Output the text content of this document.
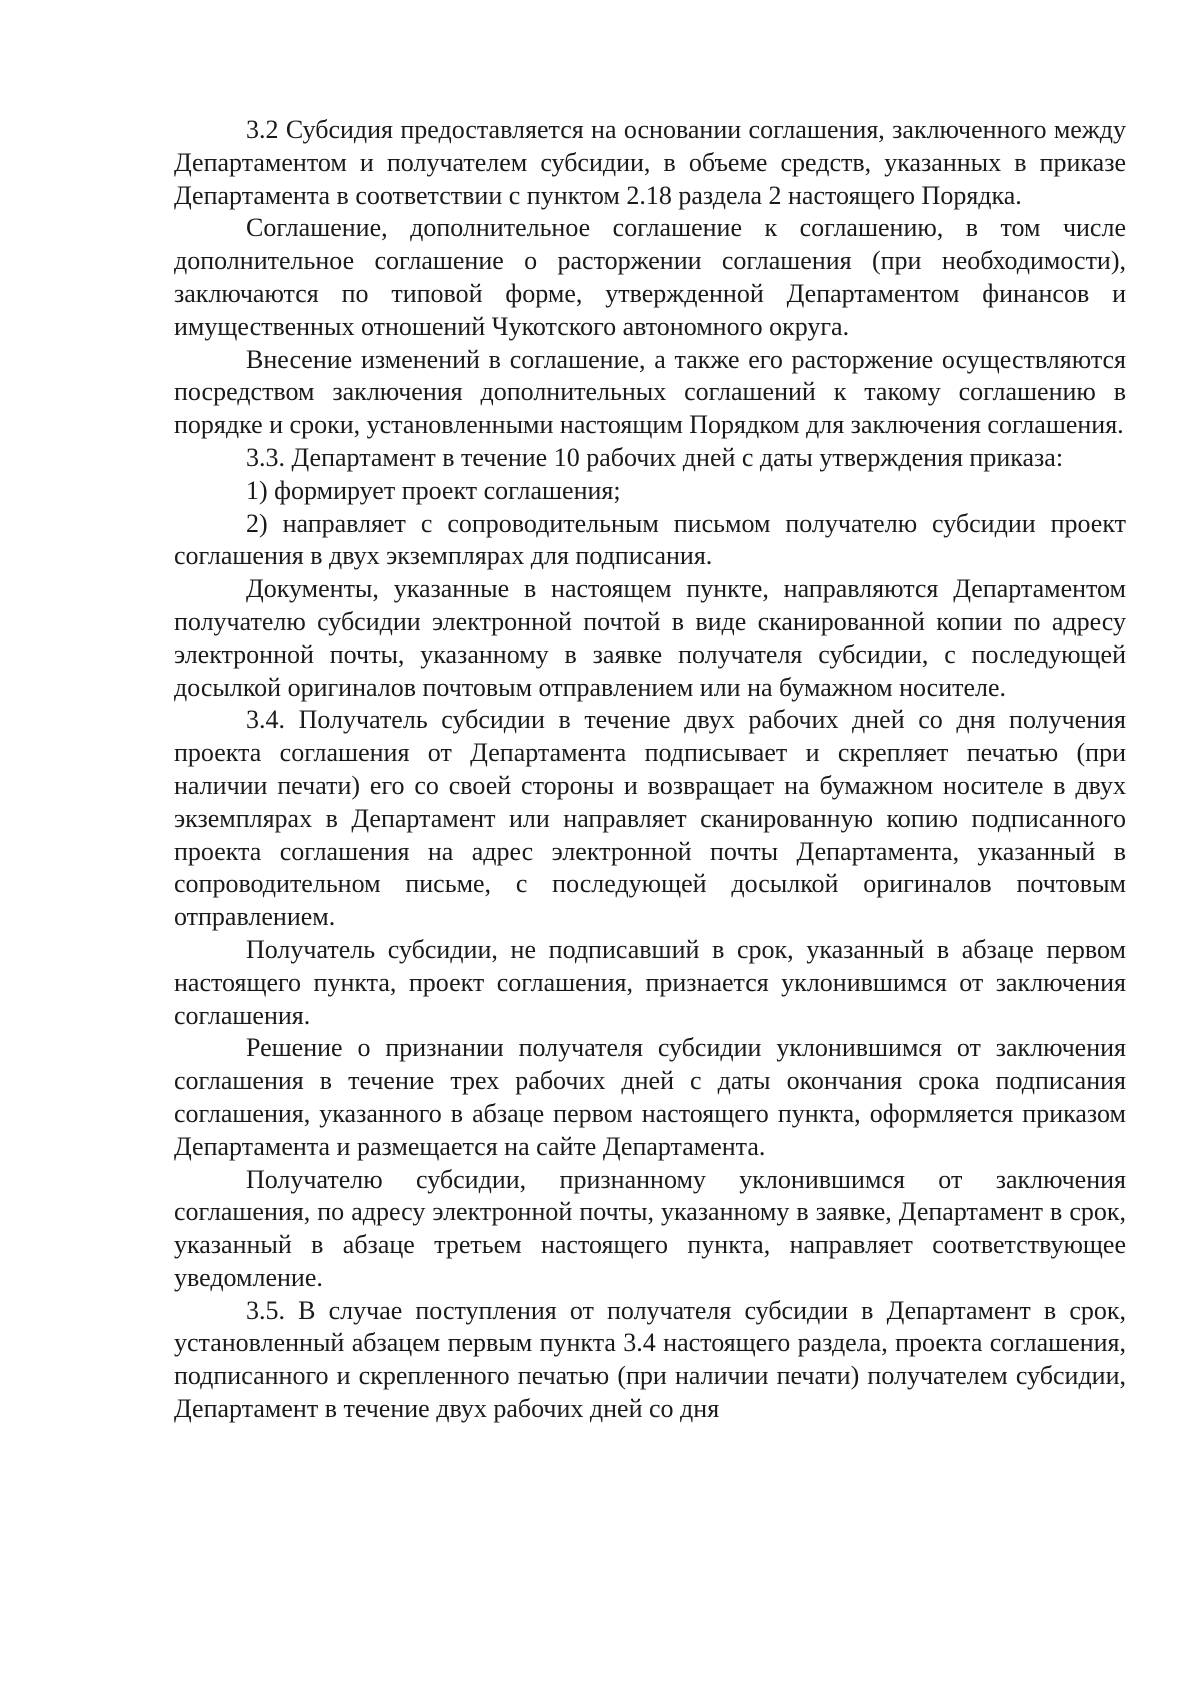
3.2 Субсидия предоставляется на основании соглашения, заключенного между Департаментом и получателем субсидии, в объеме средств, указанных в приказе Департамента в соответствии с пунктом 2.18 раздела 2 настоящего Порядка.

Соглашение, дополнительное соглашение к соглашению, в том числе дополнительное соглашение о расторжении соглашения (при необходимости), заключаются по типовой форме, утвержденной Департаментом финансов и имущественных отношений Чукотского автономного округа.

Внесение изменений в соглашение, а также его расторжение осуществляются посредством заключения дополнительных соглашений к такому соглашению в порядке и сроки, установленными настоящим Порядком для заключения соглашения.

3.3. Департамент в течение 10 рабочих дней с даты утверждения приказа:

1) формирует проект соглашения;

2) направляет с сопроводительным письмом получателю субсидии проект соглашения в двух экземплярах для подписания.

Документы, указанные в настоящем пункте, направляются Департаментом получателю субсидии электронной почтой в виде сканированной копии по адресу электронной почты, указанному в заявке получателя субсидии, с последующей досылкой оригиналов почтовым отправлением или на бумажном носителе.

3.4. Получатель субсидии в течение двух рабочих дней со дня получения проекта соглашения от Департамента подписывает и скрепляет печатью (при наличии печати) его со своей стороны и возвращает на бумажном носителе в двух экземплярах в Департамент или направляет сканированную копию подписанного проекта соглашения на адрес электронной почты Департамента, указанный в сопроводительном письме, с последующей досылкой оригиналов почтовым отправлением.

Получатель субсидии, не подписавший в срок, указанный в абзаце первом настоящего пункта, проект соглашения, признается уклонившимся от заключения соглашения.

Решение о признании получателя субсидии уклонившимся от заключения соглашения в течение трех рабочих дней с даты окончания срока подписания соглашения, указанного в абзаце первом настоящего пункта, оформляется приказом Департамента и размещается на сайте Департамента.

Получателю субсидии, признанному уклонившимся от заключения соглашения, по адресу электронной почты, указанному в заявке, Департамент в срок, указанный в абзаце третьем настоящего пункта, направляет соответствующее уведомление.

3.5. В случае поступления от получателя субсидии в Департамент в срок, установленный абзацем первым пункта 3.4 настоящего раздела, проекта соглашения, подписанного и скрепленного печатью (при наличии печати) получателем субсидии, Департамент в течение двух рабочих дней со дня
